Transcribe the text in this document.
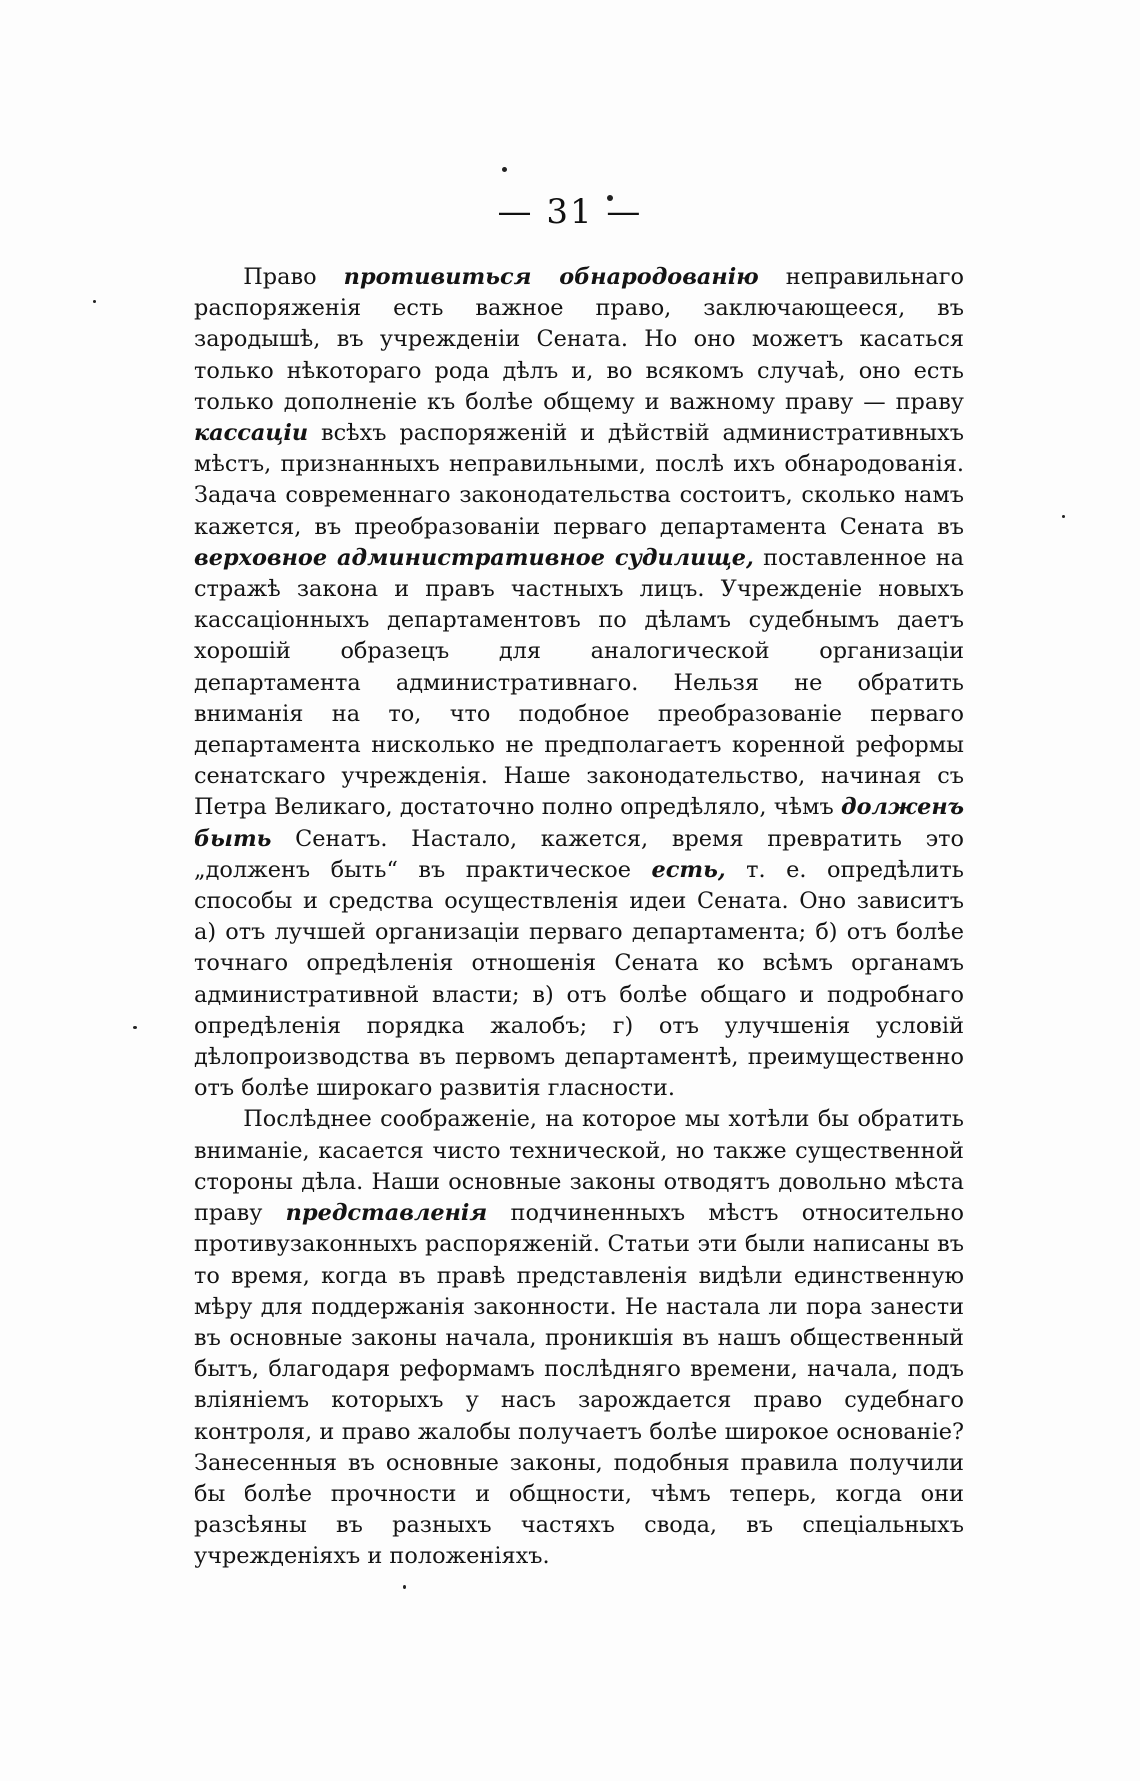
— 31 —

Право противиться обнародованію неправильнаго распоряженія есть важное право, заключающееся, въ зародышѣ, въ учрежденіи Сената. Но оно можетъ касаться только нѣкотораго рода дѣлъ и, во всякомъ случаѣ, оно есть только дополненіе къ болѣе общему и важному праву — праву кассаціи всѣхъ распоряженій и дѣйствій административныхъ мѣстъ, признанныхъ неправильными, послѣ ихъ обнародованія. Задача современнаго законодательства состоитъ, сколько намъ кажется, въ преобразованіи перваго департамента Сената въ верховное административное судилище, поставленное на стражѣ закона и правъ частныхъ лицъ. Учрежденіе новыхъ кассаціонныхъ департаментовъ по дѣламъ судебнымъ даетъ хорошій образецъ для аналогической организаціи департамента административнаго. Нельзя не обратить вниманія на то, что подобное преобразованіе перваго департамента нисколько не предполагаетъ коренной реформы сенатскаго учрежденія. Наше законодательство, начиная съ Петра Великаго, достаточно полно опредѣляло, чѣмъ долженъ быть Сенатъ. Настало, кажется, время превратить это „долженъ быть“ въ практическое есть, т. е. опредѣлить способы и средства осуществленія идеи Сената. Оно зависитъ а) отъ лучшей организаціи перваго департамента; б) отъ болѣе точнаго опредѣленія отношенія Сената ко всѣмъ органамъ административной власти; в) отъ болѣе общаго и подробнаго опредѣленія порядка жалобъ; г) отъ улучшенія условій дѣлопроизводства въ первомъ департаментѣ, преимущественно отъ болѣе широкаго развитія гласности.

Послѣднее соображеніе, на которое мы хотѣли бы обратить вниманіе, касается чисто технической, но также существенной стороны дѣла. Наши основные законы отводятъ довольно мѣста праву представленія подчиненныхъ мѣстъ относительно противузаконныхъ распоряженій. Статьи эти были написаны въ то время, когда въ правѣ представленія видѣли единственную мѣру для поддержанія законности. Не настала ли пора занести въ основные законы начала, проникшія въ нашъ общественный бытъ, благодаря реформамъ послѣдняго времени, начала, подъ вліяніемъ которыхъ у насъ зарождается право судебнаго контроля, и право жалобы получаетъ болѣе широкое основаніе? Занесенныя въ основные законы, подобныя правила получили бы болѣе прочности и общности, чѣмъ теперь, когда они разсѣяны въ разныхъ частяхъ свода, въ спеціальныхъ учрежденіяхъ и положеніяхъ.
